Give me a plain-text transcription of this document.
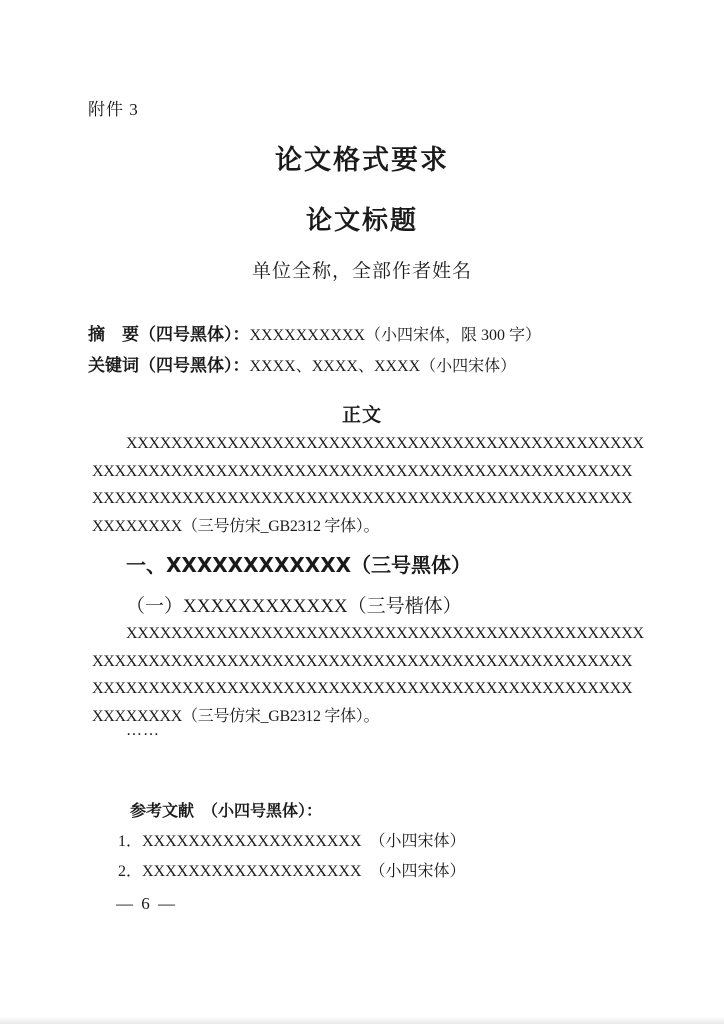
附件 3
论文格式要求
论文标题
单位全称，全部作者姓名
摘　要（四号黑体）：XXXXXXXXXX（小四宋体，限 300 字）
关键词（四号黑体）：XXXX、XXXX、XXXX（小四宋体）
正文
XXXXXXXXXXXXXXXXXXXXXXXXXXXXXXXXXXXXXXXXXXXXXX
XXXXXXXXXXXXXXXXXXXXXXXXXXXXXXXXXXXXXXXXXXXXXXXX
XXXXXXXXXXXXXXXXXXXXXXXXXXXXXXXXXXXXXXXXXXXXXXXX
XXXXXXXX（三号仿宋_GB2312 字体）。
一、XXXXXXXXXXXX（三号黑体）
（一）XXXXXXXXXXXX（三号楷体）
XXXXXXXXXXXXXXXXXXXXXXXXXXXXXXXXXXXXXXXXXXXXXX
XXXXXXXXXXXXXXXXXXXXXXXXXXXXXXXXXXXXXXXXXXXXXXXX
XXXXXXXXXXXXXXXXXXXXXXXXXXXXXXXXXXXXXXXXXXXXXXXX
XXXXXXXX（三号仿宋_GB2312 字体）。
……
参考文献　（小四号黑体）：
1．XXXXXXXXXXXXXXXXXXX　（小四宋体）
2．XXXXXXXXXXXXXXXXXXX　（小四宋体）
— 6 —
